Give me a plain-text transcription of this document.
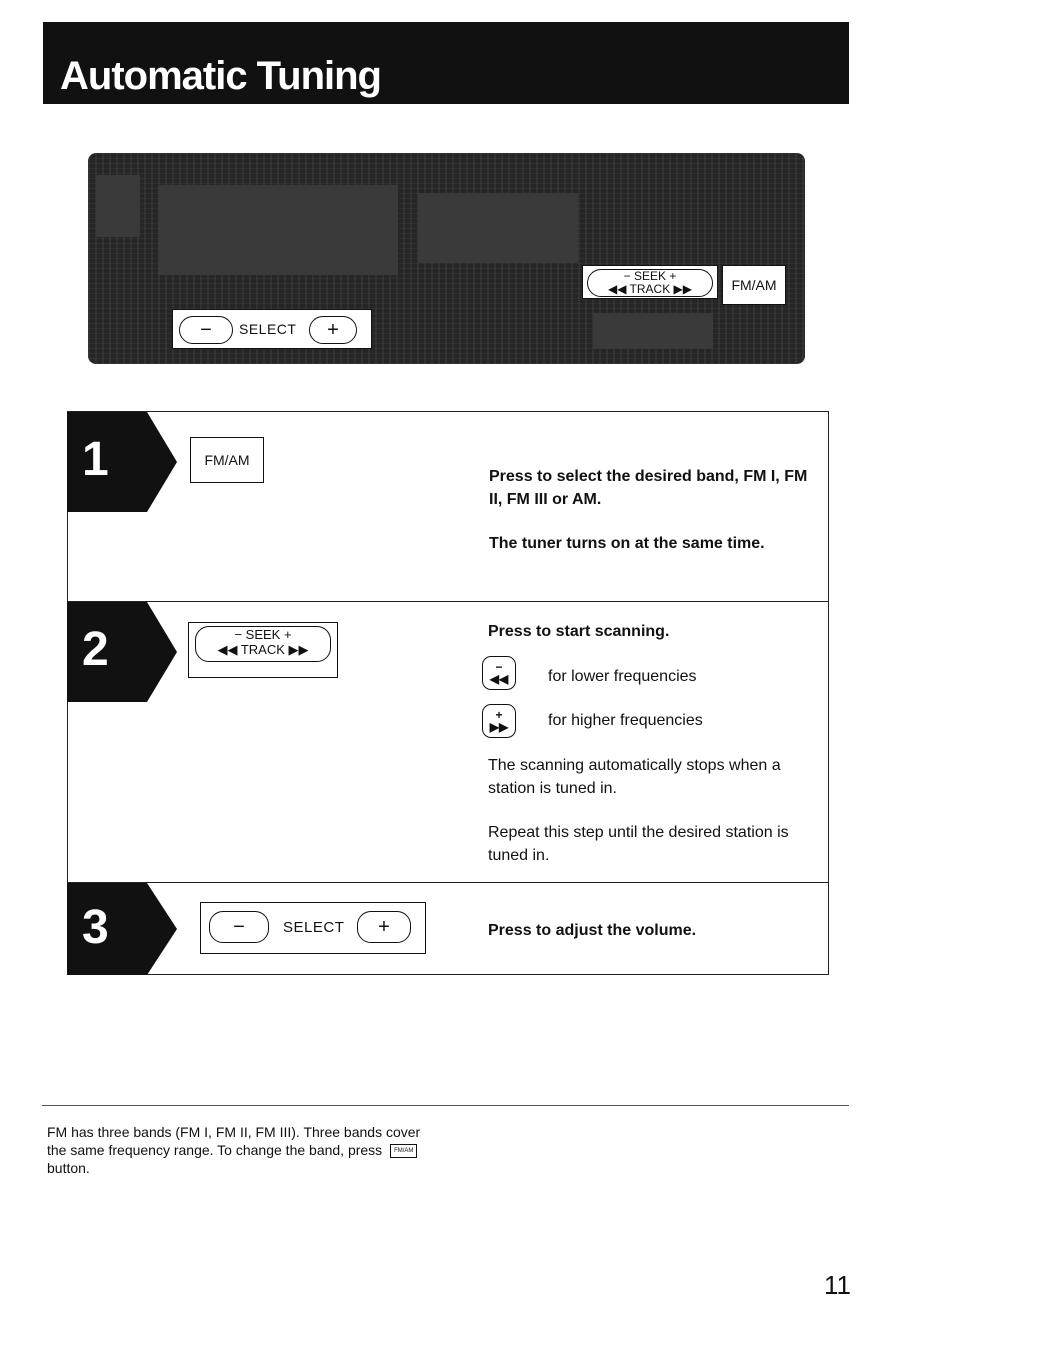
Automatic Tuning
−	SELECT	+
− SEEK +
◀◀ TRACK ▶▶	FM/AM
1	FM/AM
Press to select the desired band, FM I, FM II, FM III or AM.
The tuner turns on at the same time.
2	− SEEK +
◀◀ TRACK ▶▶
Press to start scanning.
−
◀◀ for lower frequencies
+
▶▶ for higher frequencies
The scanning automatically stops when a station is tuned in.
Repeat this step until the desired station is tuned in.
3	−	SELECT	+	Press to adjust the volume.
FM has three bands (FM I, FM II, FM III). Three bands cover the same frequency range. To change the band, press FM/AM button.
11
